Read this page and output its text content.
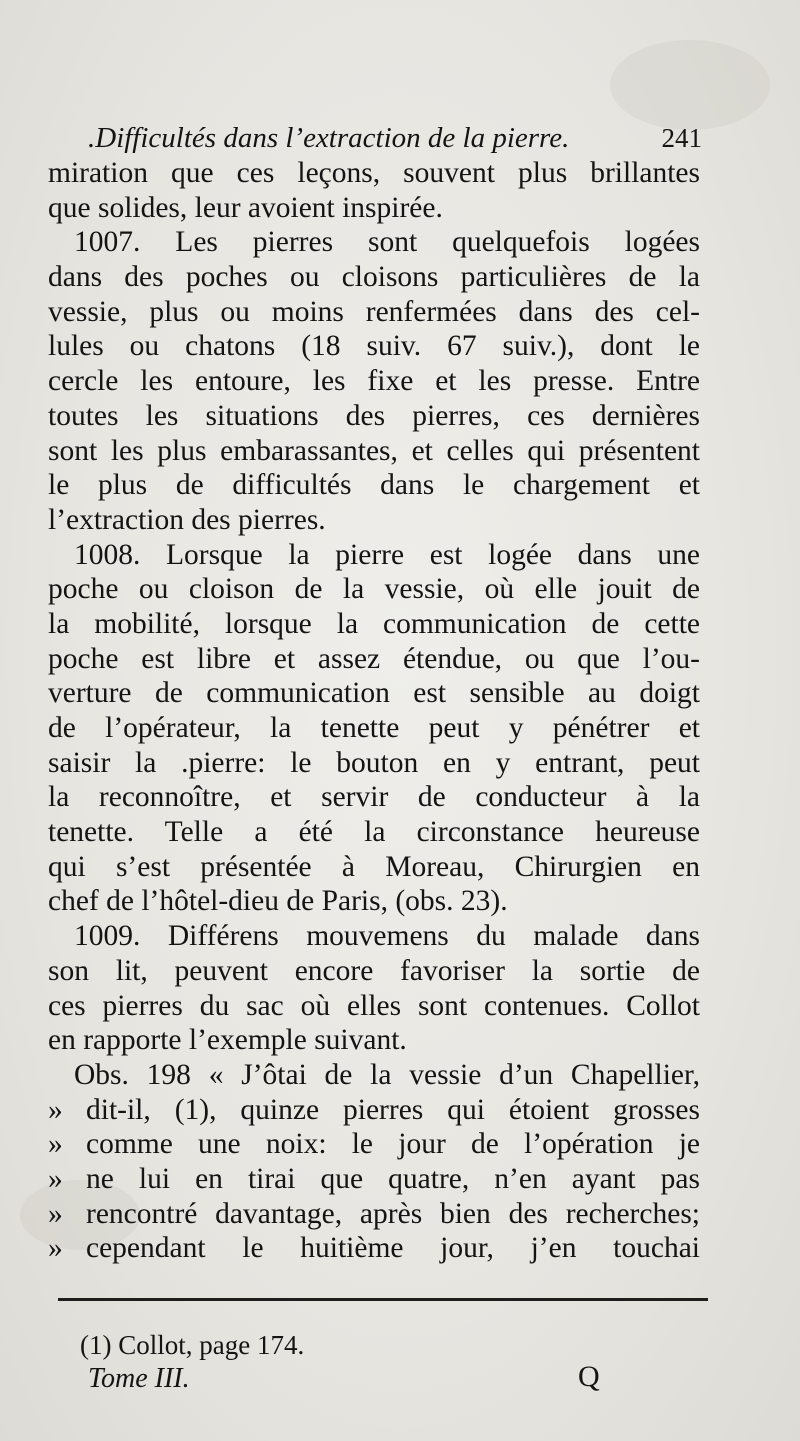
.Difficultés dans l’extraction de la pierre.	241
miration que ces leçons, souvent plus brillantes
que solides, leur avoient inspirée.
1007. Les pierres sont quelquefois logées
dans des poches ou cloisons particulières de la
vessie, plus ou moins renfermées dans des cel-
lules ou chatons (18 suiv. 67 suiv.), dont le
cercle les entoure, les fixe et les presse. Entre
toutes les situations des pierres, ces dernières
sont les plus embarassantes, et celles qui présentent
le plus de difficultés dans le chargement et
l’extraction des pierres.
1008. Lorsque la pierre est logée dans une
poche ou cloison de la vessie, où elle jouit de
la mobilité, lorsque la communication de cette
poche est libre et assez étendue, ou que l’ou-
verture de communication est sensible au doigt
de l’opérateur, la tenette peut y pénétrer et
saisir la .pierre: le bouton en y entrant, peut
la reconnoître, et servir de conducteur à la
tenette. Telle a été la circonstance heureuse
qui s’est présentée à Moreau, Chirurgien en
chef de l’hôtel-dieu de Paris, (obs. 23).
1009. Différens mouvemens du malade dans
son lit, peuvent encore favoriser la sortie de
ces pierres du sac où elles sont contenues. Collot
en rapporte l’exemple suivant.
Obs. 198 « J’ôtai de la vessie d’un Chapellier,
» dit-il, (1), quinze pierres qui étoient grosses
» comme une noix: le jour de l’opération je
» ne lui en tirai que quatre, n’en ayant pas
» rencontré davantage, après bien des recherches;
» cependant le huitième jour, j’en touchai
(1) Collot, page 174.
Tome III.	Q
